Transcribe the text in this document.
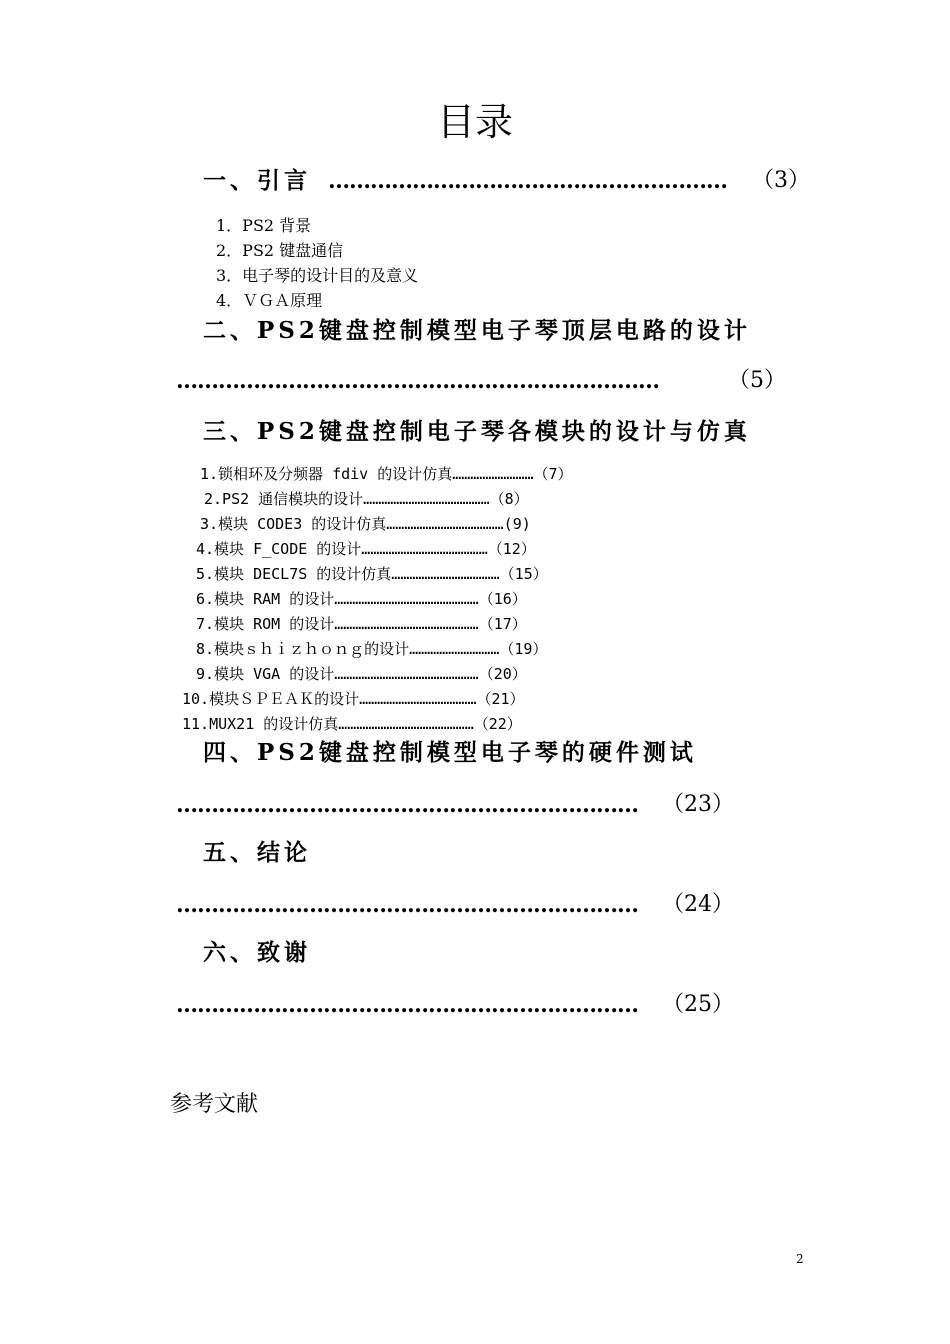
目录
一、引言 …………………………………………………	（3）
1．PS2 背景
2．PS2 键盘通信
3．电子琴的设计目的及意义
4．ＶＧＡ原理
二、PS2键盘控制模型电子琴顶层电路的设计
……………………………………………………………	（5）
三、PS2键盘控制电子琴各模块的设计与仿真
1.锁相环及分频器 fdiv 的设计仿真………………………（7）
2.PS2 通信模块的设计……………………………………（8）
3.模块 CODE3 的设计仿真…………………………………(9)
4.模块 F_CODE 的设计……………………………………（12）
5.模块 DECL7S 的设计仿真………………………………（15）
6.模块 RAM 的设计…………………………………………（16）
7.模块 ROM 的设计…………………………………………（17）
8.模块ｓｈｉｚｈｏｎｇ的设计…………………………（19）
9.模块 VGA 的设计…………………………………………（20）
10.模块ＳＰＥＡＫ的设计…………………………………（21）
11.MUX21 的设计仿真………………………………………（22）
四、PS2键盘控制模型电子琴的硬件测试
…………………………………………………………	（23）
五、结论
…………………………………………………………	（24）
六、致谢
…………………………………………………………	（25）
参考文献
2
